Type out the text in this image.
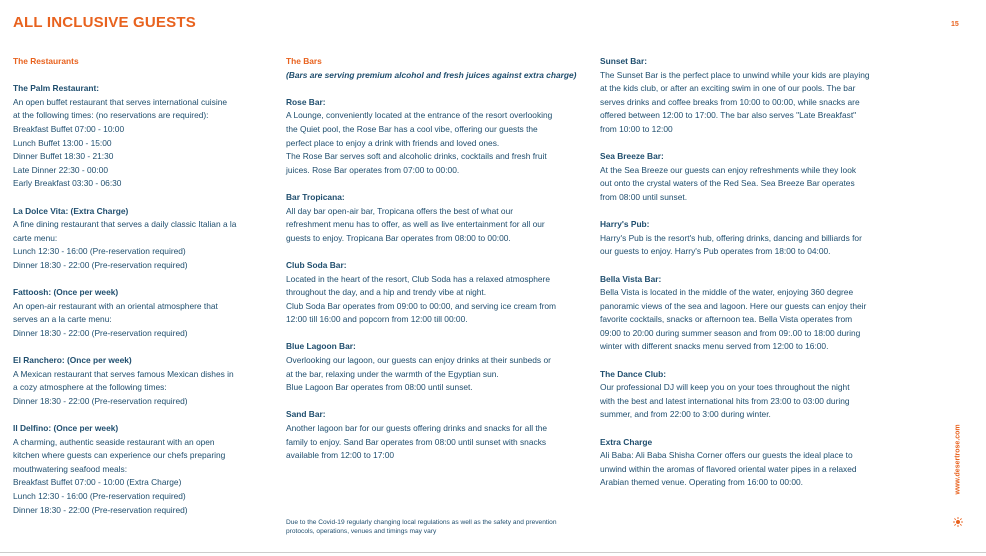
ALL INCLUSIVE GUESTS	15
The Restaurants
The Palm Restaurant:
An open buffet restaurant that serves international cuisine
at the following times: (no reservations are required):
Breakfast Buffet 07:00 - 10:00
Lunch Buffet 13:00 - 15:00
Dinner Buffet 18:30 - 21:30
Late Dinner 22:30 - 00:00
Early Breakfast 03:30 - 06:30
La Dolce Vita: (Extra Charge)
A fine dining restaurant that serves a daily classic Italian a la
carte menu:
Lunch 12:30 - 16:00 (Pre-reservation required)
Dinner 18:30 - 22:00 (Pre-reservation required)
Fattoosh: (Once per week)
An open-air restaurant with an oriental atmosphere that
serves an a la carte menu:
Dinner 18:30 - 22:00 (Pre-reservation required)
El Ranchero: (Once per week)
A Mexican restaurant that serves famous Mexican dishes in
a cozy atmosphere at the following times:
Dinner 18:30 - 22:00 (Pre-reservation required)
Il Delfino: (Once per week)
A charming, authentic seaside restaurant with an open
kitchen where guests can experience our chefs preparing
mouthwatering seafood meals:
Breakfast Buffet 07:00 - 10:00 (Extra Charge)
Lunch 12:30 - 16:00 (Pre-reservation required)
Dinner 18:30 - 22:00 (Pre-reservation required)
The Bars
(Bars are serving premium alcohol and fresh juices against extra charge)
Rose Bar:
A Lounge, conveniently located at the entrance of the resort overlooking
the Quiet pool, the Rose Bar has a cool vibe, offering our guests the
perfect place to enjoy a drink with friends and loved ones.
The Rose Bar serves soft and alcoholic drinks, cocktails and fresh fruit
juices. Rose Bar operates from 07:00 to 00:00.
Bar Tropicana:
All day bar open-air bar, Tropicana offers the best of what our
refreshment menu has to offer, as well as live entertainment for all our
guests to enjoy. Tropicana Bar operates from 08:00 to 00:00.
Club Soda Bar:
Located in the heart of the resort, Club Soda has a relaxed atmosphere
throughout the day, and a hip and trendy vibe at night.
Club Soda Bar operates from 09:00 to 00:00, and serving ice cream from
12:00 till 16:00 and popcorn from 12:00 till 00:00.
Blue Lagoon Bar:
Overlooking our lagoon, our guests can enjoy drinks at their sunbeds or
at the bar, relaxing under the warmth of the Egyptian sun.
Blue Lagoon Bar operates from 08:00 until sunset.
Sand Bar:
Another lagoon bar for our guests offering drinks and snacks for all the
family to enjoy. Sand Bar operates from 08:00 until sunset with snacks
available from 12:00 to 17:00
Sunset Bar:
The Sunset Bar is the perfect place to unwind while your kids are playing
at the kids club, or after an exciting swim in one of our pools. The bar
serves drinks and coffee breaks from 10:00 to 00:00, while snacks are
offered between 12:00 to 17:00. The bar also serves "Late Breakfast"
from 10:00 to 12:00
Sea Breeze Bar:
At the Sea Breeze our guests can enjoy refreshments while they look
out onto the crystal waters of the Red Sea. Sea Breeze Bar operates
from 08:00 until sunset.
Harry's Pub:
Harry's Pub is the resort's hub, offering drinks, dancing and billiards for
our guests to enjoy. Harry's Pub operates from 18:00 to 04:00.
Bella Vista Bar:
Bella Vista is located in the middle of the water, enjoying 360 degree
panoramic views of the sea and lagoon. Here our guests can enjoy their
favorite cocktails, snacks or afternoon tea. Bella Vista operates from
09:00 to 20:00 during summer season and from 09:.00 to 18:00 during
winter with different snacks menu served from 12:00 to 16:00.
The Dance Club:
Our professional DJ will keep you on your toes throughout the night
with the best and latest international hits from 23:00 to 03:00 during
summer, and from 22:00 to 3:00 during winter.
Extra Charge
Ali Baba: Ali Baba Shisha Corner offers our guests the ideal place to
unwind within the aromas of flavored oriental water pipes in a relaxed
Arabian themed venue. Operating from 16:00 to 00:00.
Due to the Covid-19 regularly changing local regulations as well as the safety and prevention protocols, operations, venues and timings may vary
www.desertrose.com
